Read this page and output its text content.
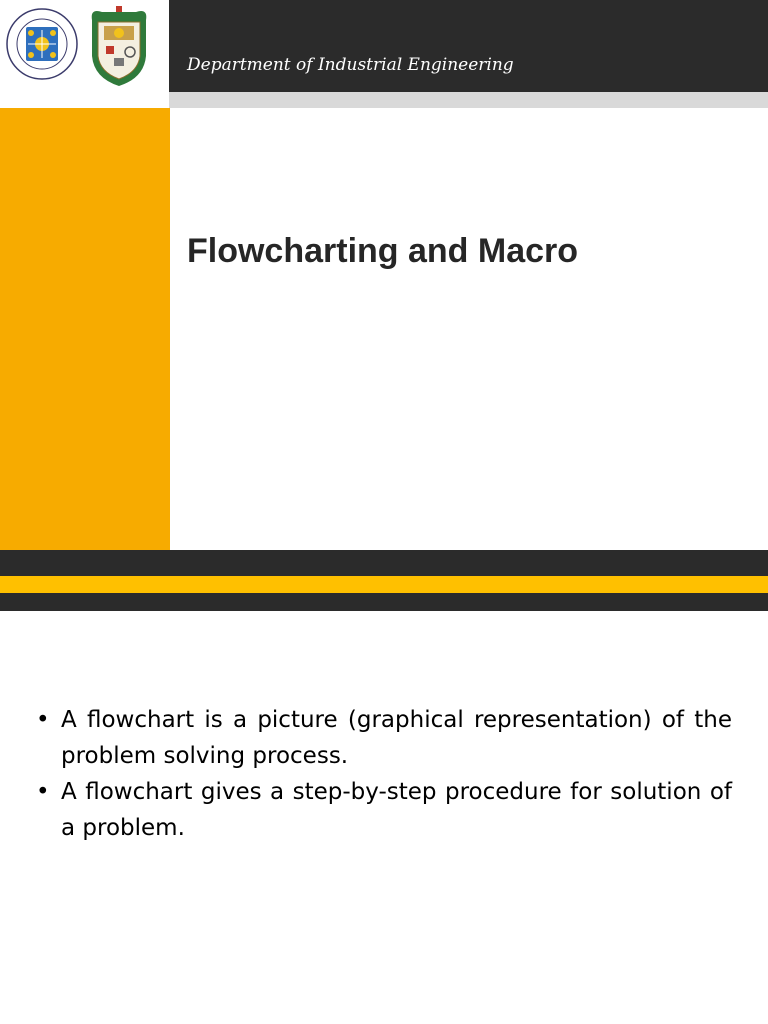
Department of Industrial Engineering
Flowcharting and Macro
• A flowchart is a picture (graphical representation) of the problem solving process.
• A flowchart gives a step-by-step procedure for solution of a problem.
